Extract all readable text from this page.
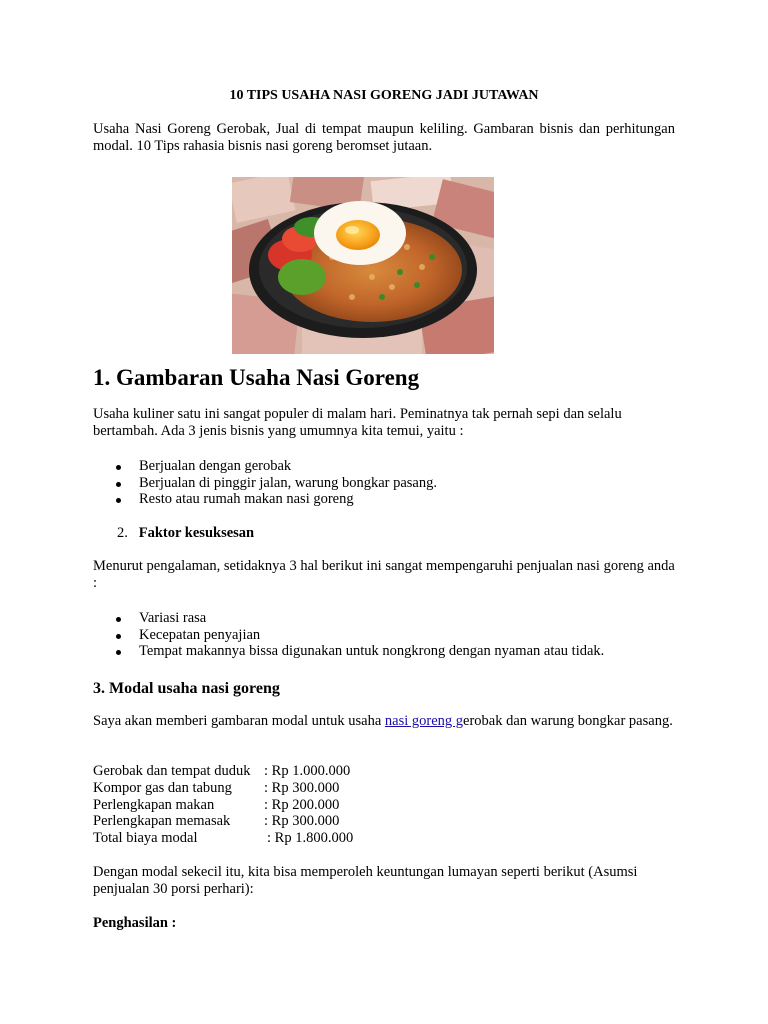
10 TIPS USAHA NASI GORENG JADI JUTAWAN
Usaha Nasi Goreng Gerobak, Jual di tempat maupun keliling. Gambaran bisnis dan perhitungan modal. 10 Tips rahasia bisnis nasi goreng beromset jutaan.
1. Gambaran Usaha Nasi Goreng
Usaha kuliner satu ini sangat populer di malam hari. Peminatnya tak pernah sepi dan selalu bertambah. Ada 3 jenis bisnis yang umumnya kita temui, yaitu :
Berjualan dengan gerobak
Berjualan di pinggir jalan, warung bongkar pasang.
Resto atau rumah makan nasi goreng
2. Faktor kesuksesan
Menurut pengalaman, setidaknya 3 hal berikut ini sangat mempengaruhi penjualan nasi goreng anda :
Variasi rasa
Kecepatan penyajian
Tempat makannya bissa digunakan untuk nongkrong dengan nyaman atau tidak.
3. Modal usaha nasi goreng
Saya akan memberi gambaran modal untuk usaha nasi goreng gerobak dan warung bongkar pasang.
Gerobak dan tempat duduk : Rp 1.000.000
Kompor gas dan tabung : Rp 300.000
Perlengkapan makan	: Rp 200.000
Perlengkapan memasak : Rp 300.000
Total biaya modal	: Rp 1.800.000
Dengan modal sekecil itu, kita bisa memperoleh keuntungan lumayan seperti berikut (Asumsi penjualan 30 porsi perhari):
Penghasilan :
